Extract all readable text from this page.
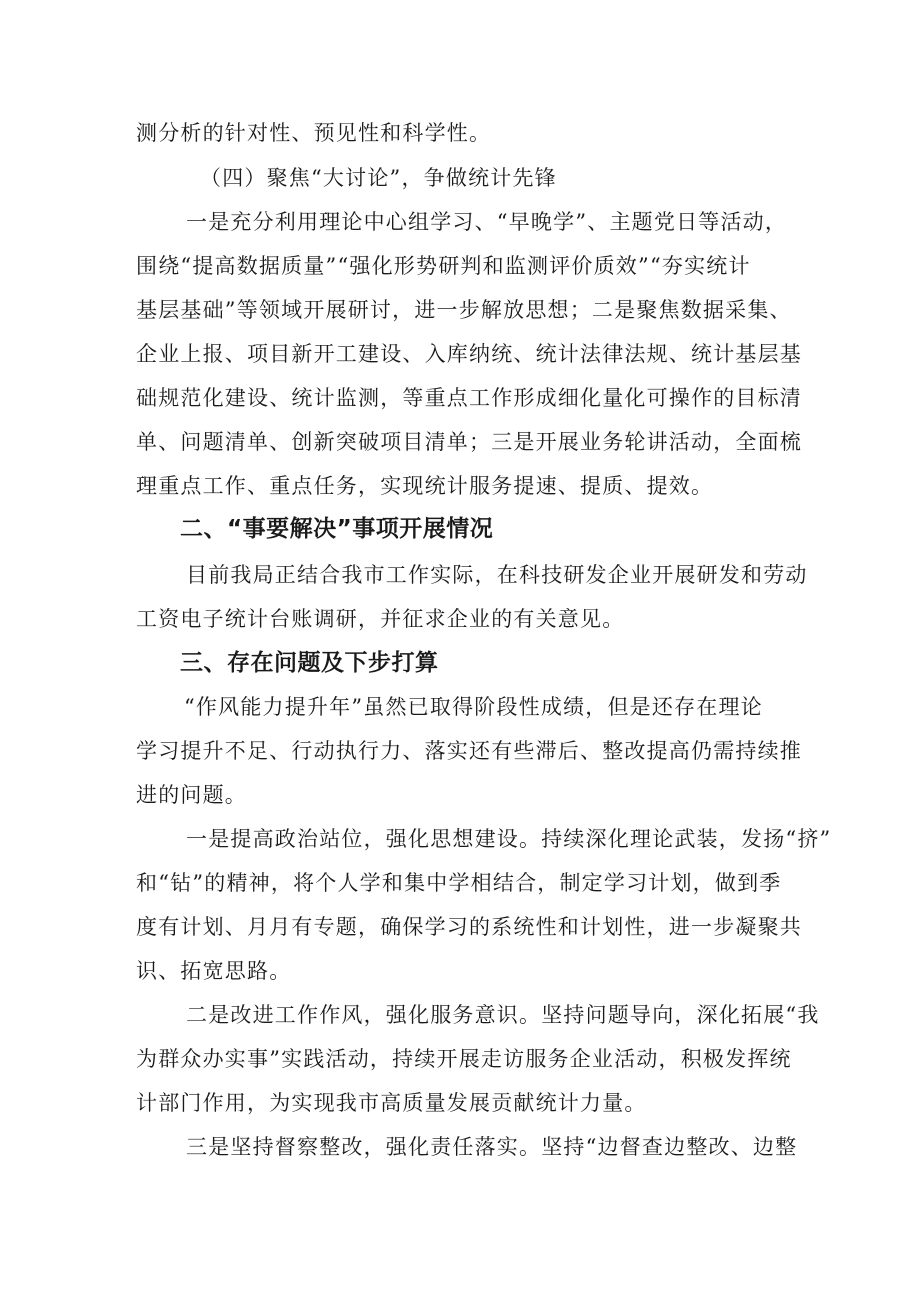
测分析的针对性、预见性和科学性。
（四）聚焦“大讨论”，争做统计先锋
一是充分利用理论中心组学习、“早晚学”、主题党日等活动，
围绕“提高数据质量”“强化形势研判和监测评价质效”“夯实统计
基层基础”等领域开展研讨，进一步解放思想；二是聚焦数据采集、
企业上报、项目新开工建设、入库纳统、统计法律法规、统计基层基
础规范化建设、统计监测，等重点工作形成细化量化可操作的目标清
单、问题清单、创新突破项目清单；三是开展业务轮讲活动，全面梳
理重点工作、重点任务，实现统计服务提速、提质、提效。
二、“事要解决”事项开展情况
目前我局正结合我市工作实际，在科技研发企业开展研发和劳动
工资电子统计台账调研，并征求企业的有关意见。
三、存在问题及下步打算
“作风能力提升年”虽然已取得阶段性成绩，但是还存在理论
学习提升不足、行动执行力、落实还有些滞后、整改提高仍需持续推
进的问题。
一是提高政治站位，强化思想建设。持续深化理论武装，发扬“挤”
和“钻”的精神，将个人学和集中学相结合，制定学习计划，做到季
度有计划、月月有专题，确保学习的系统性和计划性，进一步凝聚共
识、拓宽思路。
二是改进工作作风，强化服务意识。坚持问题导向，深化拓展“我
为群众办实事”实践活动，持续开展走访服务企业活动，积极发挥统
计部门作用，为实现我市高质量发展贡献统计力量。
三是坚持督察整改，强化责任落实。坚持“边督查边整改、边整
